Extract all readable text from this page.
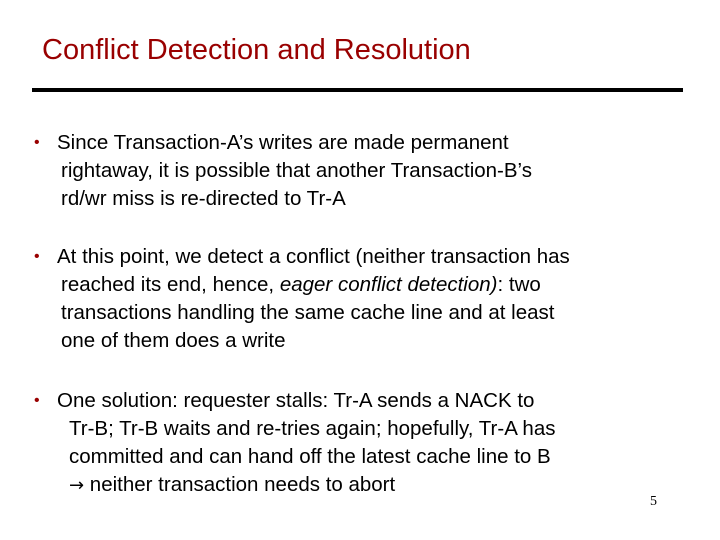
Conflict Detection and Resolution
• Since Transaction-A’s writes are made permanent
rightaway, it is possible that another Transaction-B’s
rd/wr miss is re-directed to Tr-A
• At this point, we detect a conflict (neither transaction has
reached its end, hence, eager conflict detection): two
transactions handling the same cache line and at least
one of them does a write
• One solution: requester stalls: Tr-A sends a NACK to
Tr-B; Tr-B waits and re-tries again; hopefully, Tr-A has
committed and can hand off the latest cache line to B
→ neither transaction needs to abort
5
